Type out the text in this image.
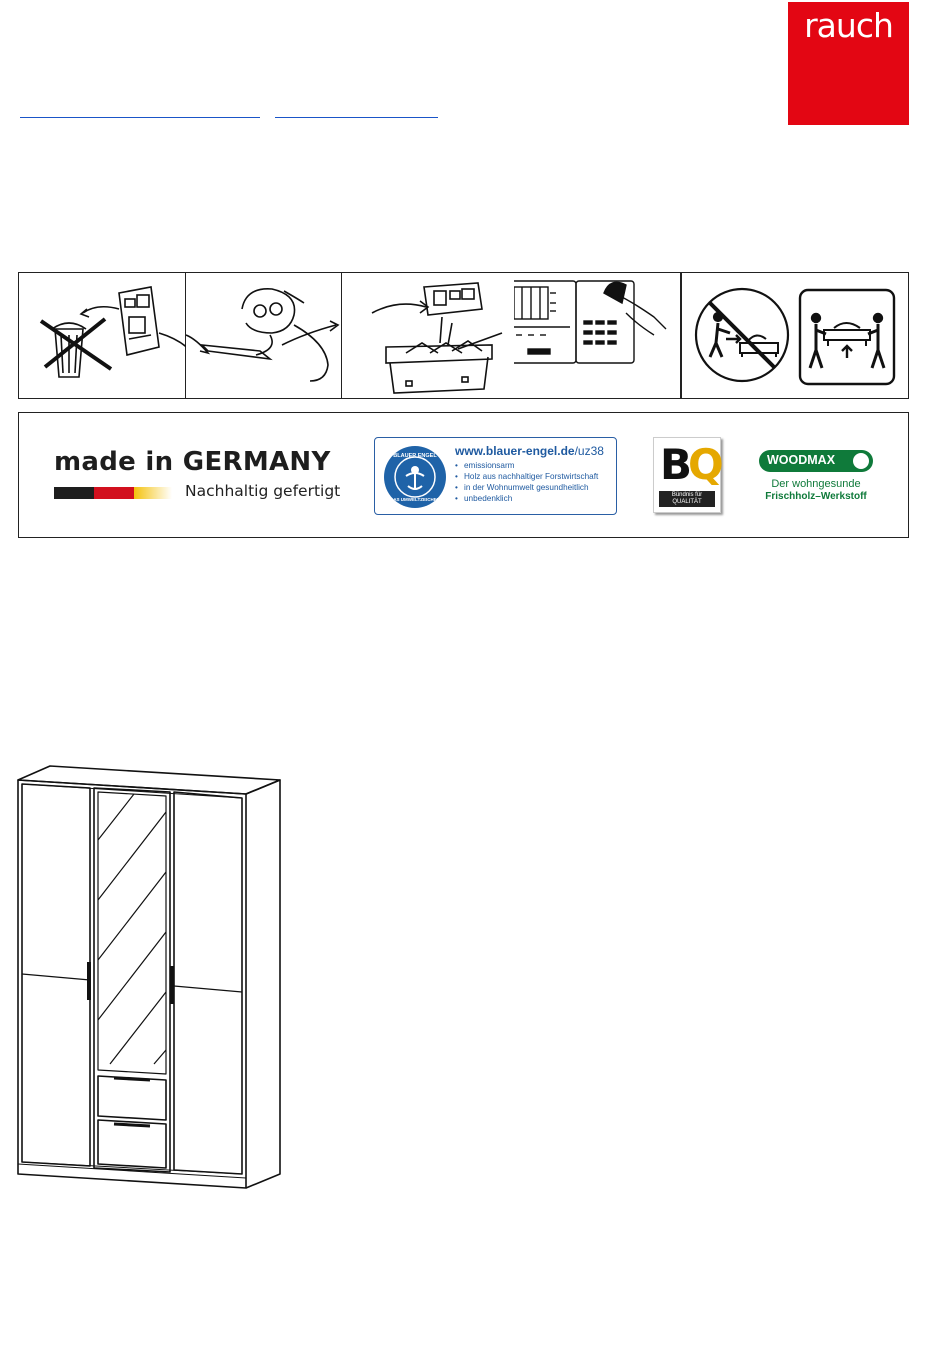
rauch
made in GERMANY
Nachhaltig gefertigt
BLAUER ENGEL
DAS UMWELTZEICHEN
www.blauer-engel.de/uz38
• emissionsarm
• Holz aus nachhaltiger Forstwirtschaft
• in der Wohnumwelt gesundheitlich
• unbedenklich
BQ
Bündnis für
QUALITÄT
WOODMAX
Der wohngesunde
Frischholz–Werkstoff
